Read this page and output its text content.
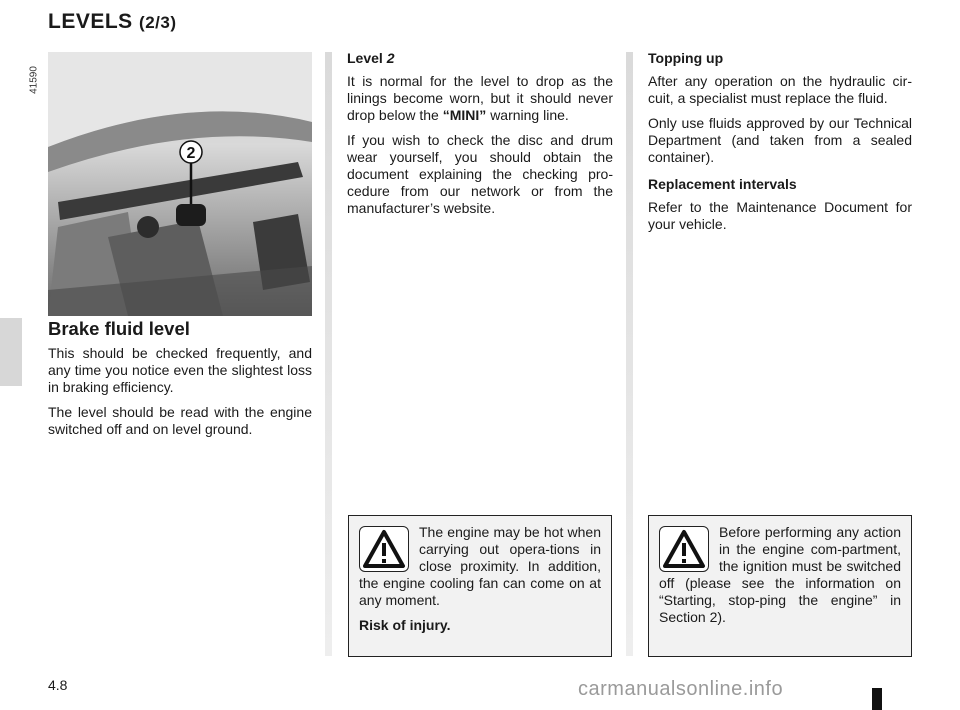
LEVELS (2/3)
41590
2
Brake fluid level

This should be checked frequently, and any time you notice even the slightest loss in braking efficiency.

The level should be read with the engine switched off and on level ground.

Level 2

It is normal for the level to drop as the linings become worn, but it should never drop below the “MINI” warning line.

If you wish to check the disc and drum wear yourself, you should obtain the document explaining the checking pro-cedure from our network or from the manufacturer’s website.

Topping up

After any operation on the hydraulic cir-cuit, a specialist must replace the fluid.

Only use fluids approved by our Technical Department (and taken from a sealed container).

Replacement intervals

Refer to the Maintenance Document for your vehicle.

The engine may be hot when carrying out opera-tions in close proximity. In addition, the engine cooling fan can come on at any moment.

Risk of injury.

Before performing any action in the engine com-partment, the ignition must be switched off (please see the information on “Starting, stop-ping the engine” in Section 2).

4.8	carmanualsonline.info
